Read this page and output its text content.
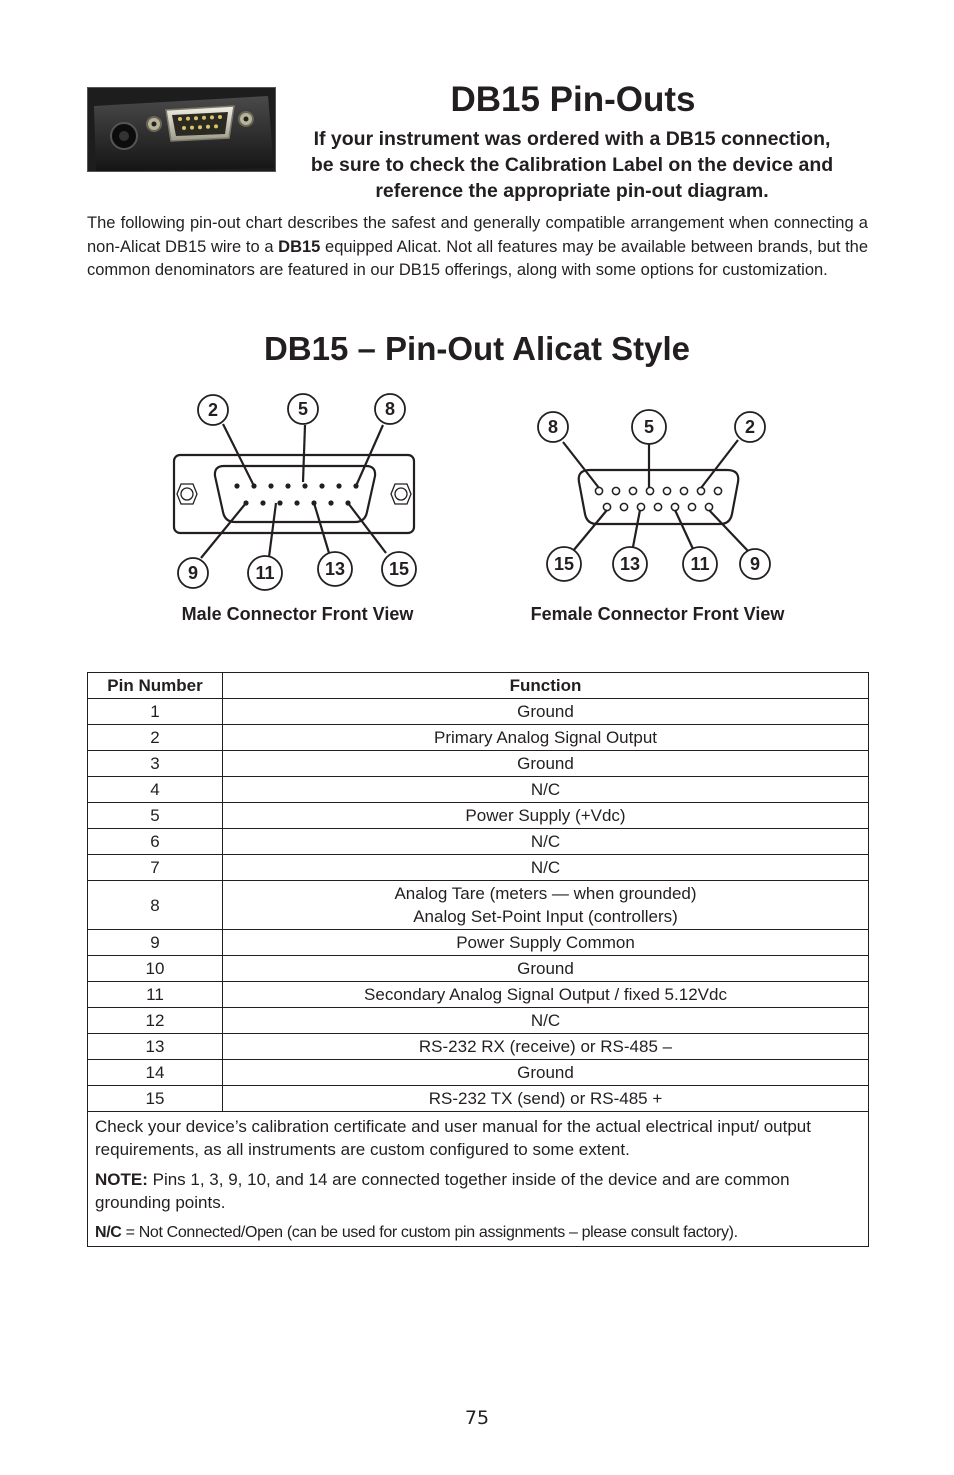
DB15 Pin-Outs
If your instrument was ordered with a DB15 connection,
be sure to check the Calibration Label on the device and
reference the appropriate pin-out diagram.

The following pin-out chart describes the safest and generally compatible arrangement when connecting a non-Alicat DB15 wire to a DB15 equipped Alicat. Not all features may be available between brands, but the common denominators are featured in our DB15 offerings, along with some options for customization.

DB15 – Pin-Out Alicat Style
2	5	8
9	11	13 15
8	5	2
15	13	11 9
Male Connector Front View	Female Connector Front View
Pin Number	Function
1	Ground
2	Primary Analog Signal Output
3	Ground
4	N/C
5	Power Supply (+Vdc)
6	N/C
7	N/C
8	Analog Tare (meters — when grounded)
Analog Set-Point Input (controllers)

9	Power Supply Common
10	Ground
11	Secondary Analog Signal Output / fixed 5.12Vdc
12	N/C
13	RS-232 RX (receive) or RS-485 –
14	Ground
15	RS-232 TX (send) or RS-485 +

Check your device’s calibration certificate and user manual for the actual electrical input/ output requirements, as all instruments are custom configured to some extent.

NOTE: Pins 1, 3, 9, 10, and 14 are connected together inside of the device and are common grounding points.

N/C = Not Connected/Open (can be used for custom pin assignments – please consult factory).	

75
